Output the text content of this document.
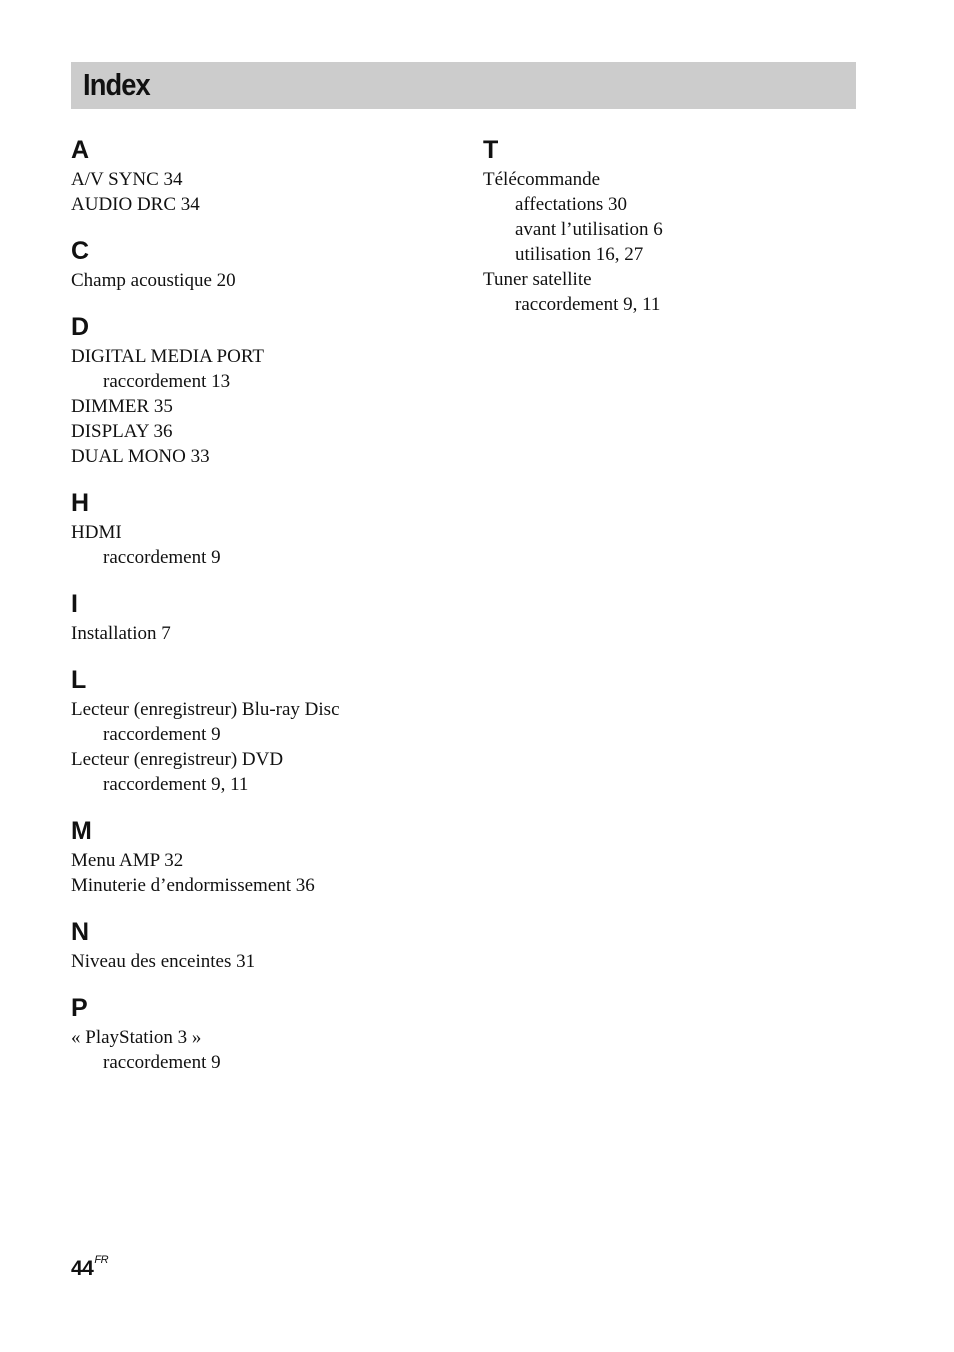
Index
A
A/V SYNC 34
AUDIO DRC 34
C
Champ acoustique 20
D
DIGITAL MEDIA PORT
raccordement 13
DIMMER 35
DISPLAY 36
DUAL MONO 33
H
HDMI
raccordement 9
I
Installation 7
L
Lecteur (enregistreur) Blu-ray Disc
raccordement 9
Lecteur (enregistreur) DVD
raccordement 9, 11
M
Menu AMP 32
Minuterie d’endormissement 36
N
Niveau des enceintes 31
P
« PlayStation 3 »
raccordement 9
T
Télécommande
affectations 30
avant l’utilisation 6
utilisation 16, 27
Tuner satellite
raccordement 9, 11
$44^{FR}$
